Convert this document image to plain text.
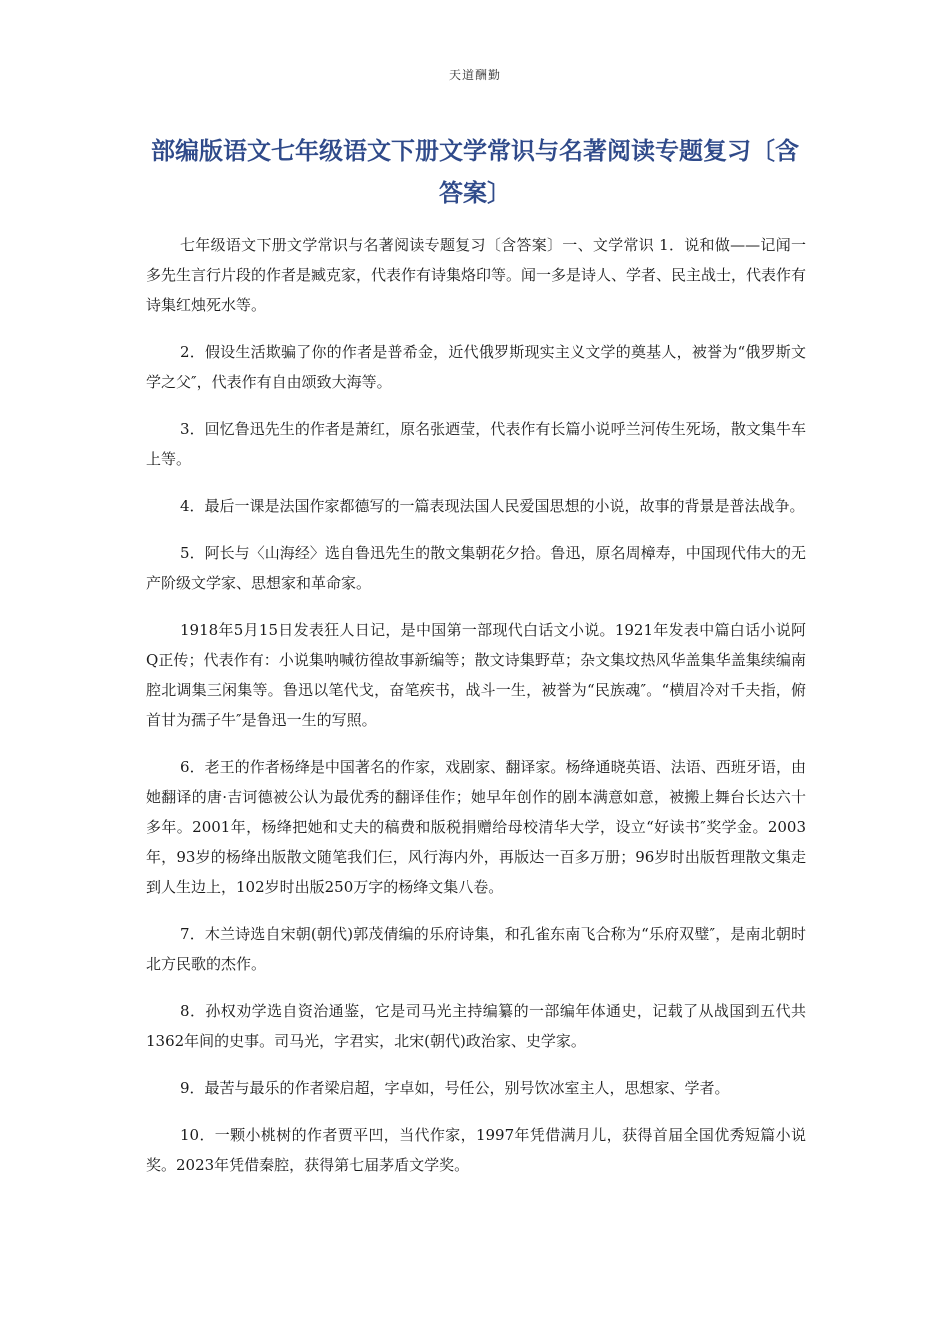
天道酬勤
部编版语文七年级语文下册文学常识与名著阅读专题复习〔含答案〕

七年级语文下册文学常识与名著阅读专题复习〔含答案〕一、文学常识 1．说和做——记闻一多先生言行片段的作者是臧克家，代表作有诗集烙印等。闻一多是诗人、学者、民主战士，代表作有诗集红烛死水等。

2．假设生活欺骗了你的作者是普希金，近代俄罗斯现实主义文学的奠基人，被誉为“俄罗斯文学之父″，代表作有自由颂致大海等。

3．回忆鲁迅先生的作者是萧红，原名张迺莹，代表作有长篇小说呼兰河传生死场，散文集牛车上等。

4．最后一课是法国作家都德写的一篇表现法国人民爱国思想的小说，故事的背景是普法战争。

5．阿长与〈山海经〉选自鲁迅先生的散文集朝花夕拾。鲁迅，原名周樟寿，中国现代伟大的无产阶级文学家、思想家和革命家。

1918年5月15日发表狂人日记，是中国第一部现代白话文小说。1921年发表中篇白话小说阿Q正传；代表作有：小说集呐喊彷徨故事新编等；散文诗集野草；杂文集坟热风华盖集华盖集续编南腔北调集三闲集等。鲁迅以笔代戈，奋笔疾书，战斗一生，被誉为“民族魂″。“横眉冷对千夫指，俯首甘为孺子牛″是鲁迅一生的写照。

6．老王的作者杨绛是中国著名的作家，戏剧家、翻译家。杨绛通晓英语、法语、西班牙语，由她翻译的唐·吉诃德被公认为最优秀的翻译佳作；她早年创作的剧本满意如意，被搬上舞台长达六十多年。2001年，杨绛把她和丈夫的稿费和版税捐赠给母校清华大学，设立“好读书″奖学金。2003年，93岁的杨绛出版散文随笔我们仨，风行海内外，再版达一百多万册；96岁时出版哲理散文集走到人生边上，102岁时出版250万字的杨绛文集八卷。

7．木兰诗选自宋朝(朝代)郭茂倩编的乐府诗集，和孔雀东南飞合称为“乐府双璧″，是南北朝时北方民歌的杰作。

8．孙权劝学选自资治通鉴，它是司马光主持编纂的一部编年体通史，记载了从战国到五代共1362年间的史事。司马光，字君实，北宋(朝代)政治家、史学家。

9．最苦与最乐的作者梁启超，字卓如，号任公，别号饮冰室主人，思想家、学者。

10．一颗小桃树的作者贾平凹，当代作家，1997年凭借满月儿，获得首届全国优秀短篇小说奖。2023年凭借秦腔，获得第七届茅盾文学奖。
